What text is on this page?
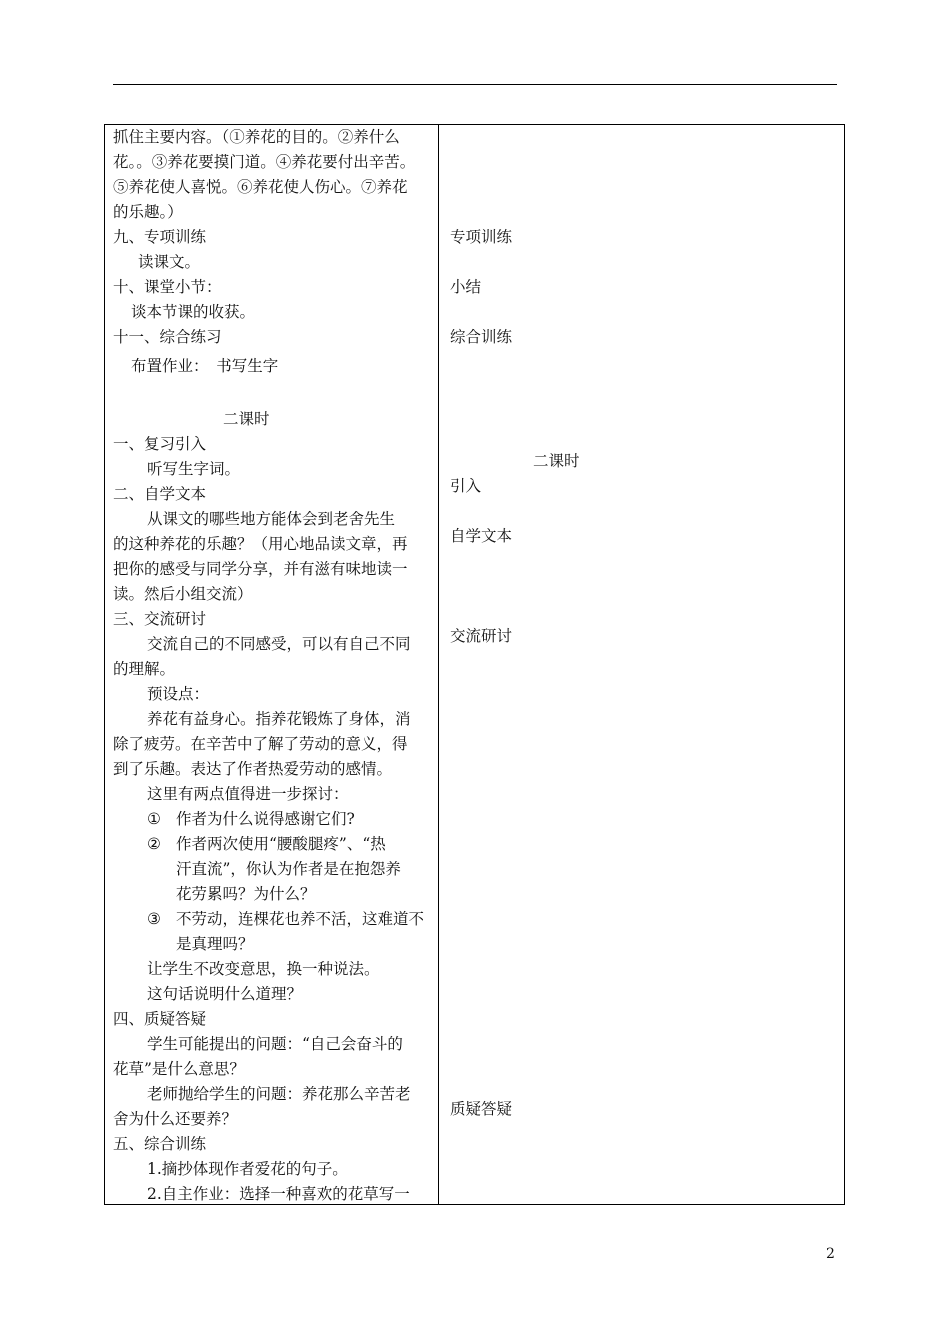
抓住主要内容。（①养花的目的。②养什么
花。。③养花要摸门道。④养花要付出辛苦。
⑤养花使人喜悦。⑥养花使人伤心。⑦养花
的乐趣。）
九、专项训练
读课文。
十、课堂小节：
谈本节课的收获。
十一、综合练习
布置作业：　书写生字
二课时
一、复习引入
听写生字词。
二、自学文本
从课文的哪些地方能体会到老舍先生
的这种养花的乐趣？（用心地品读文章，再
把你的感受与同学分享，并有滋有味地读一
读。然后小组交流）
三、交流研讨
交流自己的不同感受，可以有自己不同
的理解。
预设点：
养花有益身心。指养花锻炼了身体，消
除了疲劳。在辛苦中了解了劳动的意义，得
到了乐趣。表达了作者热爱劳动的感情。
这里有两点值得进一步探讨：
① 作者为什么说得感谢它们?
② 作者两次使用“腰酸腿疼”、“热
汗直流”，你认为作者是在抱怨养
花劳累吗？为什么？
③ 不劳动，连棵花也养不活，这难道不
是真理吗？
让学生不改变意思，换一种说法。
这句话说明什么道理？
四、质疑答疑
学生可能提出的问题：“自己会奋斗的
花草”是什么意思？
老师抛给学生的问题：养花那么辛苦老
舍为什么还要养？
五、综合训练
1.摘抄体现作者爱花的句子。
2.自主作业：选择一种喜欢的花草写一
专项训练
小结
综合训练
二课时
引入
自学文本
交流研讨
质疑答疑
2
